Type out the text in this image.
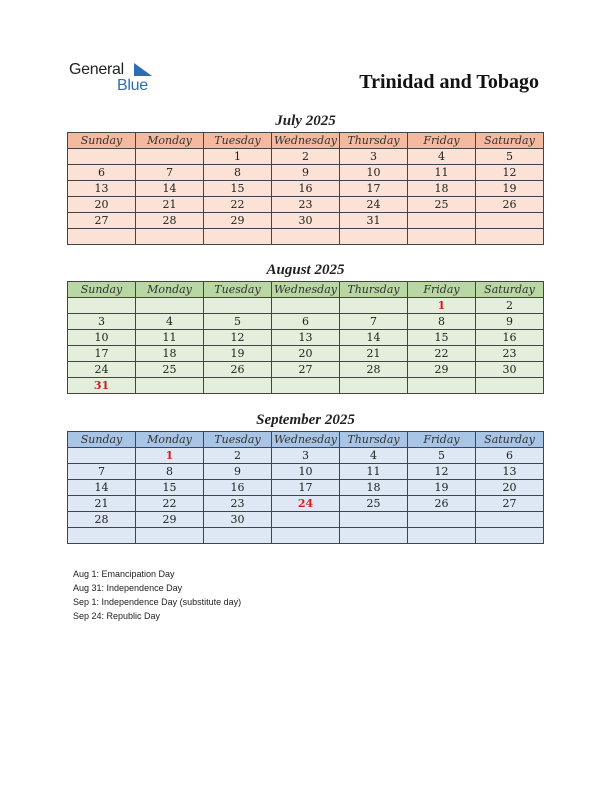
General
Blue	Trinidad and Tobago
July 2025
Sunday	Monday	Tuesday	Wednesday	Thursday	Friday	Saturday
		1	2	3	4	5
6	7	8	9	10	11	12
13	14	15	16	17	18	19
20	21	22	23	24	25	26
27	28	29	30	31		

August 2025
Sunday	Monday	Tuesday	Wednesday	Thursday	Friday	Saturday
					1	2
3	4	5	6	7	8	9
10	11	12	13	14	15	16
17	18	19	20	21	22	23
24	25	26	27	28	29	30
31						
September 2025
Sunday	Monday	Tuesday	Wednesday	Thursday	Friday	Saturday
	1	2	3	4	5	6
7	8	9	10	11	12	13
14	15	16	17	18	19	20
21	22	23	24	25	26	27
28	29	30				

Aug 1: Emancipation Day
Aug 31: Independence Day
Sep 1: Independence Day (substitute day)
Sep 24: Republic Day
